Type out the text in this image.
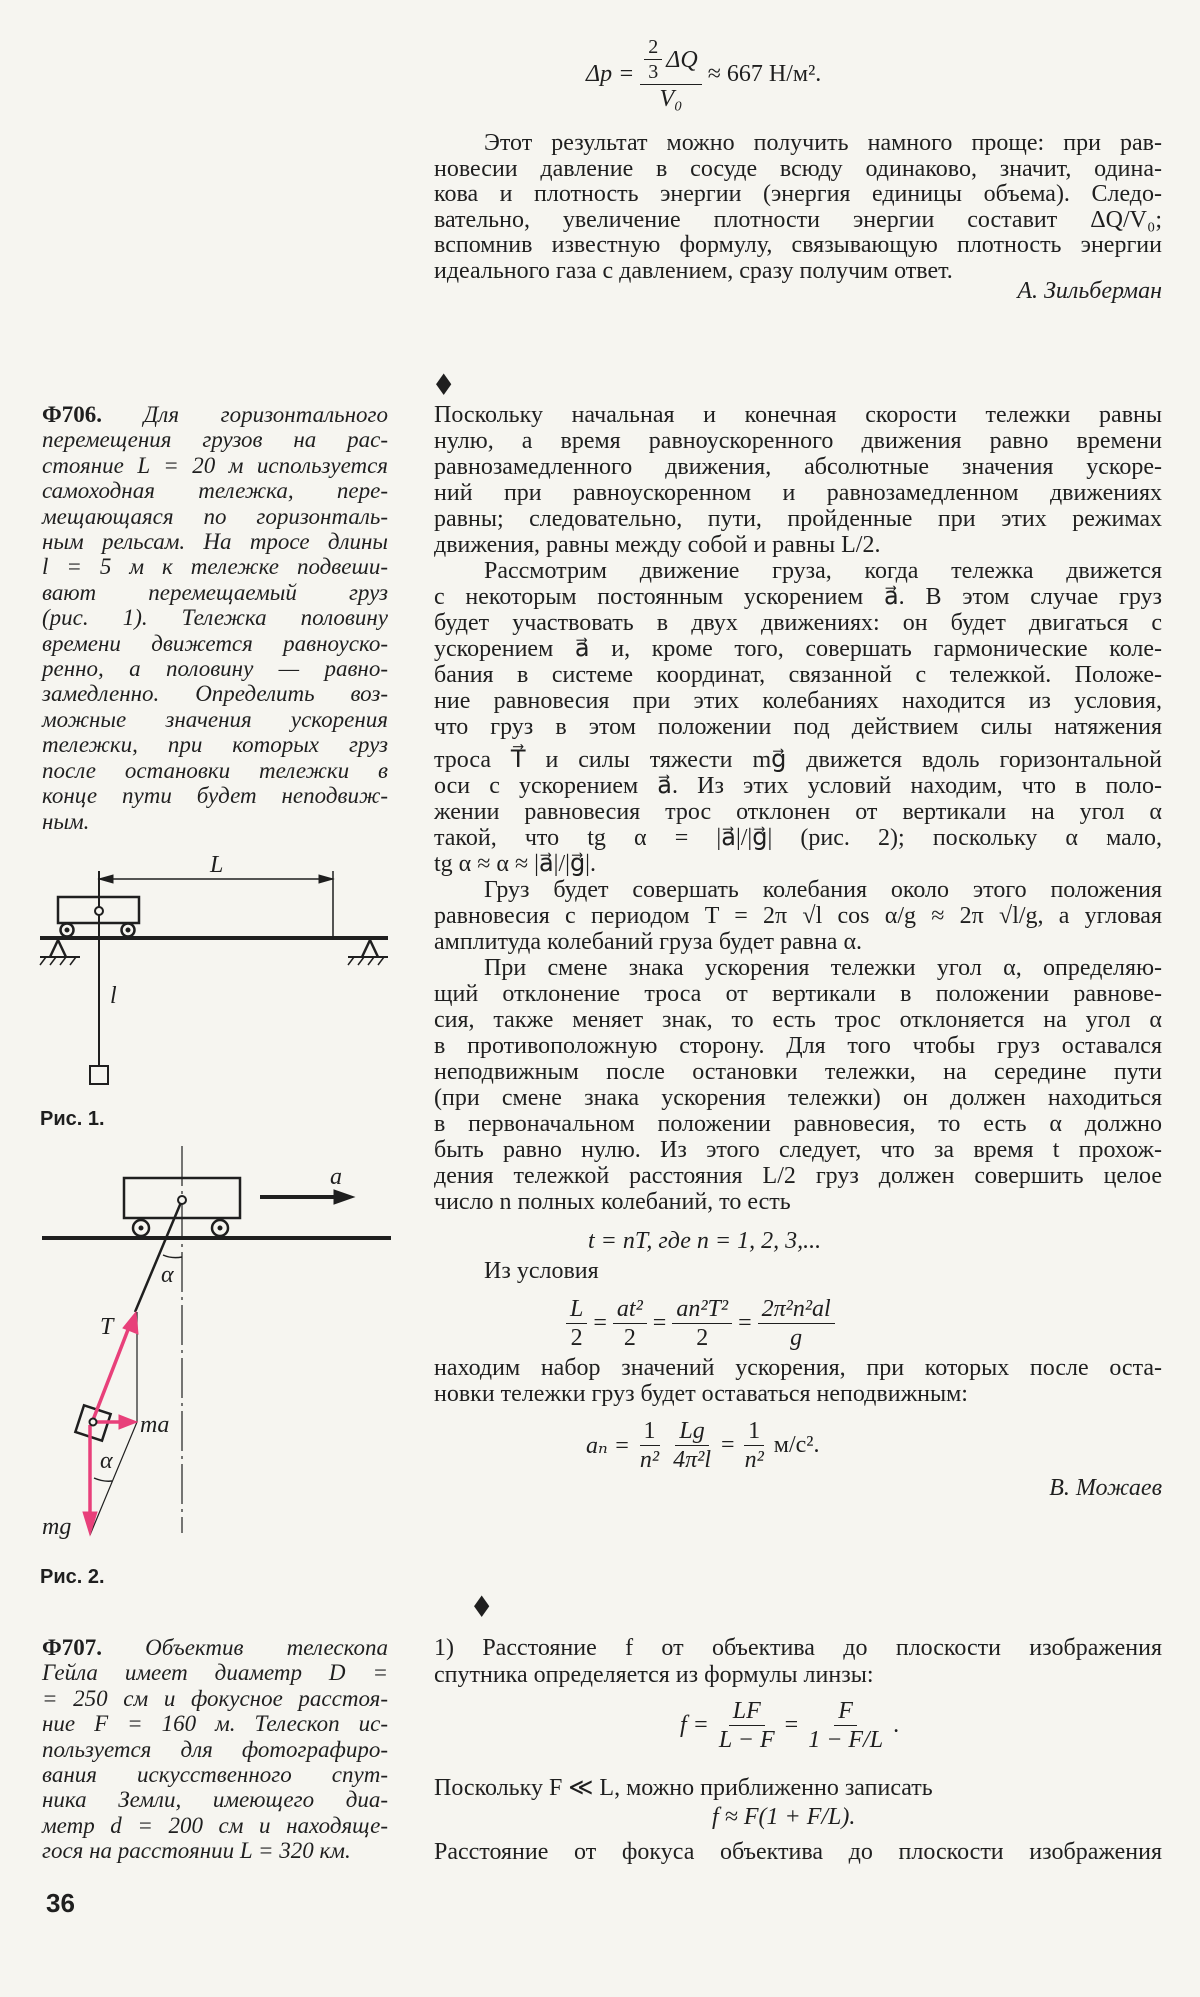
$\Delta p = \frac{\frac{2}{3} \Delta Q}{\text{V₀}} \approx 667$ Н/м².
Этот результат можно получить намного проще: при рав-
новесии давление в сосуде всюду одинаково, значит, одина-
кова и плотность энергии (энергия единицы объема). Следо-
вательно, увеличение плотности энергии составит ΔQ/V₀;
вспомнив известную формулу, связывающую плотность энергии
идеального газа с давлением, сразу получим ответ.
А. Зильберман
◆
Ф706. Для горизонтального
перемещения грузов на рас-
стояние L = 20 м используется
самоходная тележка, пере-
мещающаяся по горизонталь-
ным рельсам. На тросе длины
l = 5 м к тележке подвеши-
вают перемещаемый груз
(рис. 1). Тележка половину
времени движется равноуско-
ренно, а половину — равно-
замедленно. Определить воз-
можные значения ускорения
тележки, при которых груз
после остановки тележки в
конце пути будет неподвиж-
ным.
Поскольку начальная и конечная скорости тележки равны
нулю, а время равноускоренного движения равно времени
равнозамедленного движения, абсолютные значения ускоре-
ний при равноускоренном и равнозамедленном движениях
равны; следовательно, пути, пройденные при этих режимах
движения, равны между собой и равны L/2.
Рассмотрим движение груза, когда тележка движется
с некоторым постоянным ускорением a⃗. В этом случае груз
будет участвовать в двух движениях: он будет двигаться с
ускорением a⃗ и, кроме того, совершать гармонические коле-
бания в системе координат, связанной с тележкой. Положе-
ние равновесия при этих колебаниях находится из условия,
что груз в этом положении под действием силы натяжения
троса T⃗ и силы тяжести mg⃗ движется вдоль горизонтальной
оси с ускорением a⃗. Из этих условий находим, что в поло-
жении равновесия трос отклонен от вертикали на угол α
такой, что tg α = |a⃗|/|g⃗| (рис. 2); поскольку α мало,
tg α ≈ α ≈ |a⃗|/|g⃗|.
Груз будет совершать колебания около этого положения
равновесия с периодом T = 2π √l cos α/g ≈ 2π √l/g, а угловая
амплитуда колебаний груза будет равна α.
При смене знака ускорения тележки угол α, определяю-
щий отклонение троса от вертикали в положении равнове-
сия, также меняет знак, то есть трос отклоняется на угол α
в противоположную сторону. Для того чтобы груз оставался
неподвижным после остановки тележки, на середине пути
(при смене знака ускорения тележки) он должен находиться
в первоначальном положении равновесия, то есть α должно
быть равно нулю. Из этого следует, что за время t прохож-
дения тележкой расстояния L/2 груз должен совершить целое
число n полных колебаний, то есть
t = nT, где n = 1, 2, 3,...
Из условия
$\frac{L}{2} = \frac{\text{at²}}{2} = \frac{\text{an²T²}}{2} = \frac{\text{2π²n²al}}{g}$
находим набор значений ускорения, при которых после оста-
новки тележки груз будет оставаться неподвижным:
$a_n = \frac{1}{\text{n²}} \frac{Lg}{\text{4π²l}} = \frac{1}{\text{n²}} м/с^2$.
В. Можаев
L
l
a⃗
α
α
T⃗
ma⃗
mg⃗
Рис. 1.
Рис. 2.
◆
Ф707. Объектив телескопа
Гейла имеет диаметр D =
= 250 см и фокусное расстоя-
ние F = 160 м. Телескоп ис-
пользуется для фотографиро-
вания искусственного спут-
ника Земли, имеющего диа-
метр d = 200 см и находяще-
гося на расстоянии L = 320 км.
1) Расстояние f от объектива до плоскости изображения
спутника определяется из формулы линзы:
$f = \frac{LF}{L - F} = \frac{F}{1 - F/L}$ .
Поскольку F ≪ L, можно приближенно записать
f ≈ F(1 + F/L).
Расстояние от фокуса объектива до плоскости изображения
36
